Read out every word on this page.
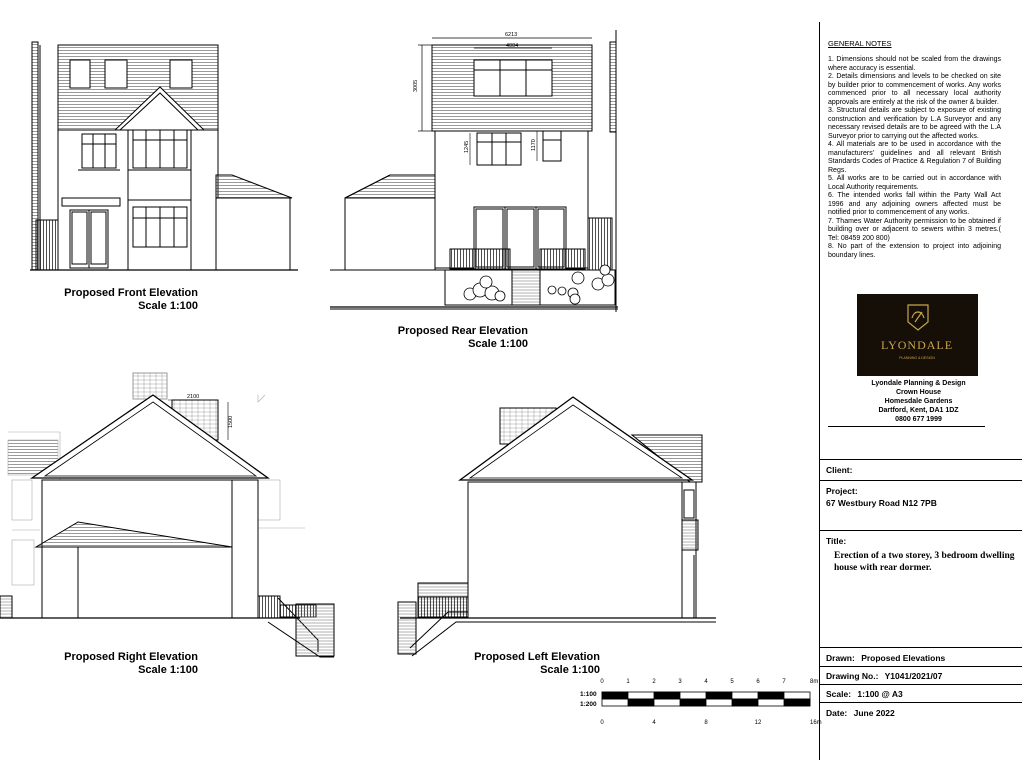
6213
4004
3005
1245	1170
2100
1500
0	1	2	3	4	5	6	7	8m
0	4	8	12	16m
LYONDALE
PLANNING & DESIGN
Proposed Front Elevation
Scale 1:100
Proposed Rear Elevation
Scale 1:100
Proposed Right Elevation
Scale 1:100
Proposed Left Elevation
Scale 1:100
1:100
1:200
GENERAL NOTES

1. Dimensions should not be scaled from the drawings where accuracy is essential.

2. Details dimensions and levels to be checked on site by builder prior to commencement of works. Any works commenced prior to all necessary local authority approvals are entirely at the risk of the owner & builder.

3. Structural details are subject to exposure of existing construction and verification by L.A Surveyor and any necessary revised details are to be agreed with the L.A Surveyor prior to carrying out the affected works.

4. All materials are to be used in accordance with the manufacturers' guidelines and all relevant British Standards Codes of Practice & Regulation 7 of Building Regs.

5. All works are to be carried out in accordance with Local Authority requirements.

6. The intended works fall within the Party Wall Act 1996 and any adjoining owners affected must be notified prior to commencement of any works.

7. Thames Water Authority permission to be obtained if building over or adjacent to sewers within 3 metres.( Tel: 08459 200 800)

8. No part of the extension to project into adjoining boundary lines.

Lyondale Planning & Design
Crown House
Homesdale Gardens
Dartford, Kent, DA1 1DZ
0800 677 1999
Client:
Project:
67 Westbury Road N12 7PB
Title:
Erection of a two storey, 3 bedroom dwelling house with rear dormer.
Drawn: Proposed Elevations
Drawing No.: Y1041/2021/07
Scale: 1:100 @ A3
Date: June 2022
